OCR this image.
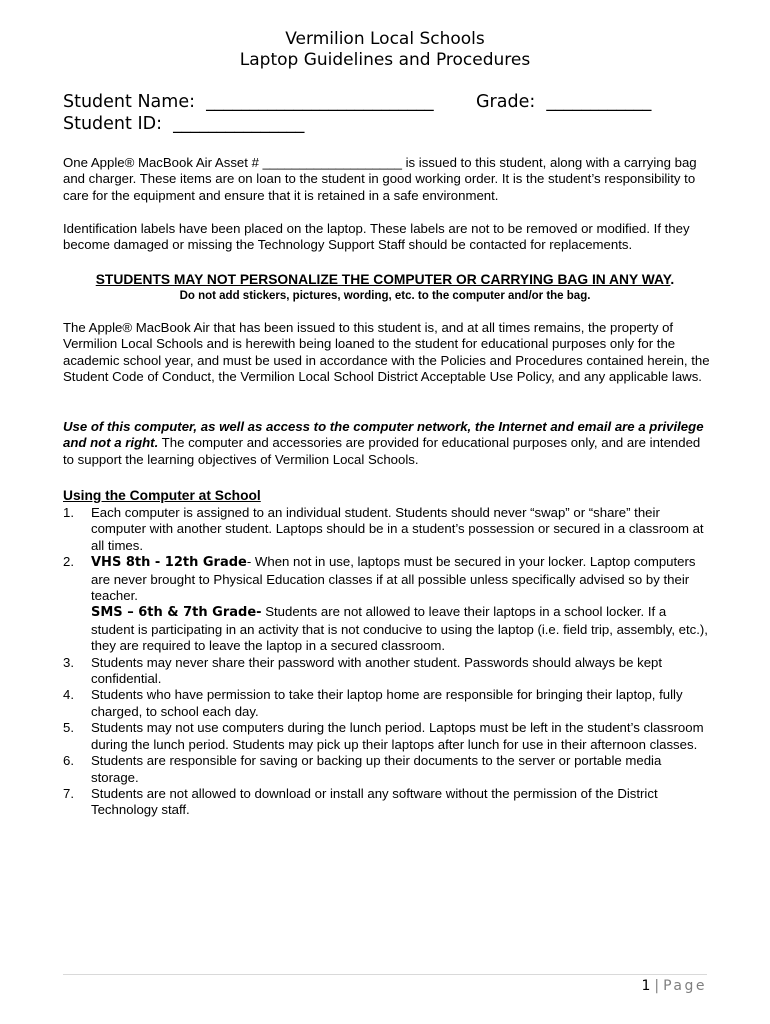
Vermilion Local Schools
Laptop Guidelines and Procedures
Student Name:  __________________________ Grade:  ____________
Student ID:  _______________

One Apple® MacBook Air Asset # ___________________ is issued to this student, along with a carrying bag and charger. These items are on loan to the student in good working order. It is the student’s responsibility to care for the equipment and ensure that it is retained in a safe environment.

Identification labels have been placed on the laptop. These labels are not to be removed or modified. If they become damaged or missing the Technology Support Staff should be contacted for replacements.

STUDENTS MAY NOT PERSONALIZE THE COMPUTER OR CARRYING BAG IN ANY WAY.
Do not add stickers, pictures, wording, etc. to the computer and/or the bag.

The Apple® MacBook Air that has been issued to this student is, and at all times remains, the property of Vermilion Local Schools and is herewith being loaned to the student for educational purposes only for the academic school year, and must be used in accordance with the Policies and Procedures contained herein, the Student Code of Conduct, the Vermilion Local School District Acceptable Use Policy, and any applicable laws.

Use of this computer, as well as access to the computer network, the Internet and email are a privilege and not a right. The computer and accessories are provided for educational purposes only, and are intended to support the learning objectives of Vermilion Local Schools.

Using the Computer at School
1. Each computer is assigned to an individual student. Students should never “swap” or “share” their computer with another student. Laptops should be in a student’s possession or secured in a classroom at all times.
2. VHS 8th - 12th Grade- When not in use, laptops must be secured in your locker. Laptop computers are never brought to Physical Education classes if at all possible unless specifically advised so by their teacher.
SMS – 6th & 7th Grade- Students are not allowed to leave their laptops in a school locker. If a student is participating in an activity that is not conducive to using the laptop (i.e. field trip, assembly, etc.), they are required to leave the laptop in a secured classroom.
3. Students may never share their password with another student. Passwords should always be kept confidential.
4. Students who have permission to take their laptop home are responsible for bringing their laptop, fully charged, to school each day.
5. Students may not use computers during the lunch period. Laptops must be left in the student’s classroom during the lunch period. Students may pick up their laptops after lunch for use in their afternoon classes.
6. Students are responsible for saving or backing up their documents to the server or portable media storage.
7. Students are not allowed to download or install any software without the permission of the District Technology staff.
1 | Page
